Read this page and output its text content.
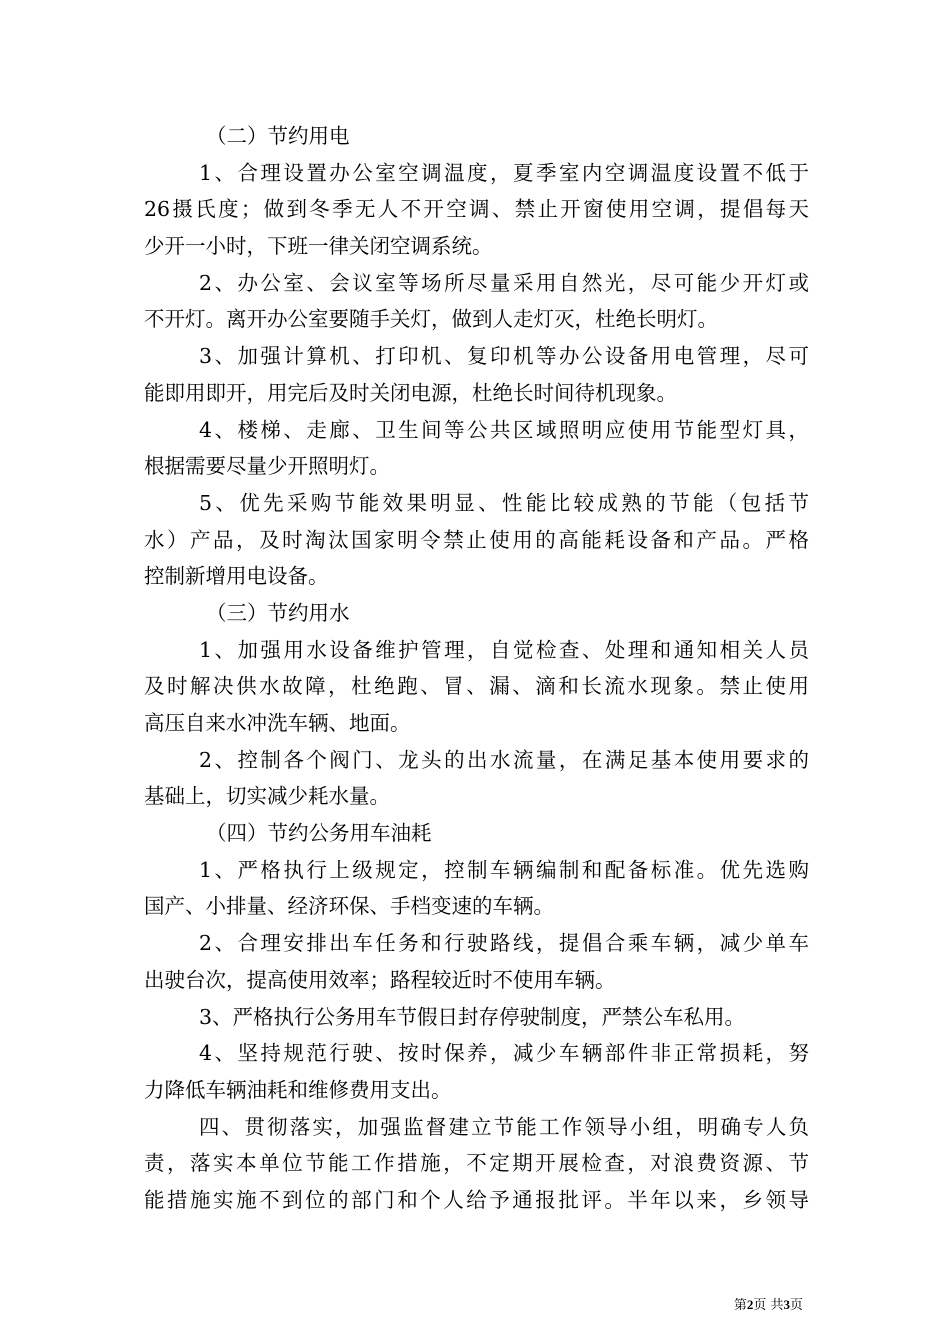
（二）节约用电
1、合理设置办公室空调温度，夏季室内空调温度设置不低于
26摄氏度；做到冬季无人不开空调、禁止开窗使用空调，提倡每天
少开一小时，下班一律关闭空调系统。
2、办公室、会议室等场所尽量采用自然光，尽可能少开灯或
不开灯。离开办公室要随手关灯，做到人走灯灭，杜绝长明灯。
3、加强计算机、打印机、复印机等办公设备用电管理，尽可
能即用即开，用完后及时关闭电源，杜绝长时间待机现象。
4、楼梯、走廊、卫生间等公共区域照明应使用节能型灯具，
根据需要尽量少开照明灯。
5、优先采购节能效果明显、性能比较成熟的节能（包括节
水）产品，及时淘汰国家明令禁止使用的高能耗设备和产品。严格
控制新增用电设备。
（三）节约用水
1、加强用水设备维护管理，自觉检查、处理和通知相关人员
及时解决供水故障，杜绝跑、冒、漏、滴和长流水现象。禁止使用
高压自来水冲洗车辆、地面。
2、控制各个阀门、龙头的出水流量，在满足基本使用要求的
基础上，切实减少耗水量。
（四）节约公务用车油耗
1、严格执行上级规定，控制车辆编制和配备标准。优先选购
国产、小排量、经济环保、手档变速的车辆。
2、合理安排出车任务和行驶路线，提倡合乘车辆，减少单车
出驶台次，提高使用效率；路程较近时不使用车辆。
3、严格执行公务用车节假日封存停驶制度，严禁公车私用。
4、坚持规范行驶、按时保养，减少车辆部件非正常损耗，努
力降低车辆油耗和维修费用支出。
四、贯彻落实，加强监督建立节能工作领导小组，明确专人负
责，落实本单位节能工作措施，不定期开展检查，对浪费资源、节
能措施实施不到位的部门和个人给予通报批评。半年以来，乡领导
第2页 共3页
